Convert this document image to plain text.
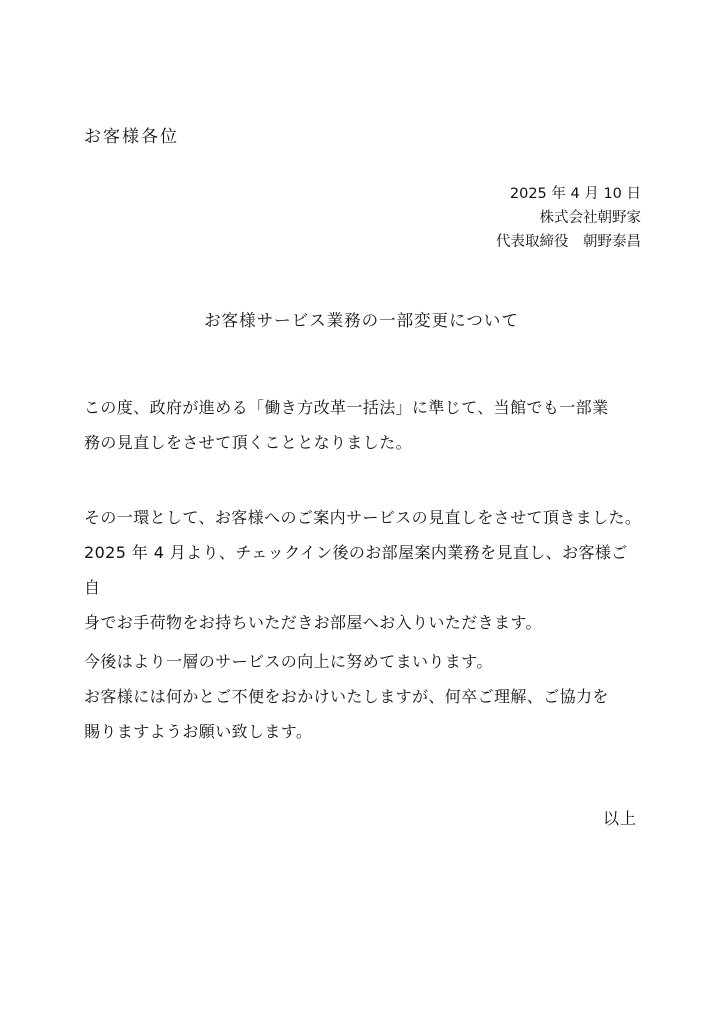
お客様各位
2025 年 4 月 10 日
株式会社朝野家
代表取締役　朝野泰昌
お客様サービス業務の一部変更について

この度、政府が進める「働き方改革一括法」に準じて、当館でも一部業

務の見直しをさせて頂くこととなりました。

その一環として、お客様へのご案内サービスの見直しをさせて頂きました。

2025 年 4 月より、チェックイン後のお部屋案内業務を見直し、お客様ご自

身でお手荷物をお持ちいただきお部屋へお入りいただきます。

今後はより一層のサービスの向上に努めてまいります。

お客様には何かとご不便をおかけいたしますが、何卒ご理解、ご協力を

賜りますようお願い致します。

以上
